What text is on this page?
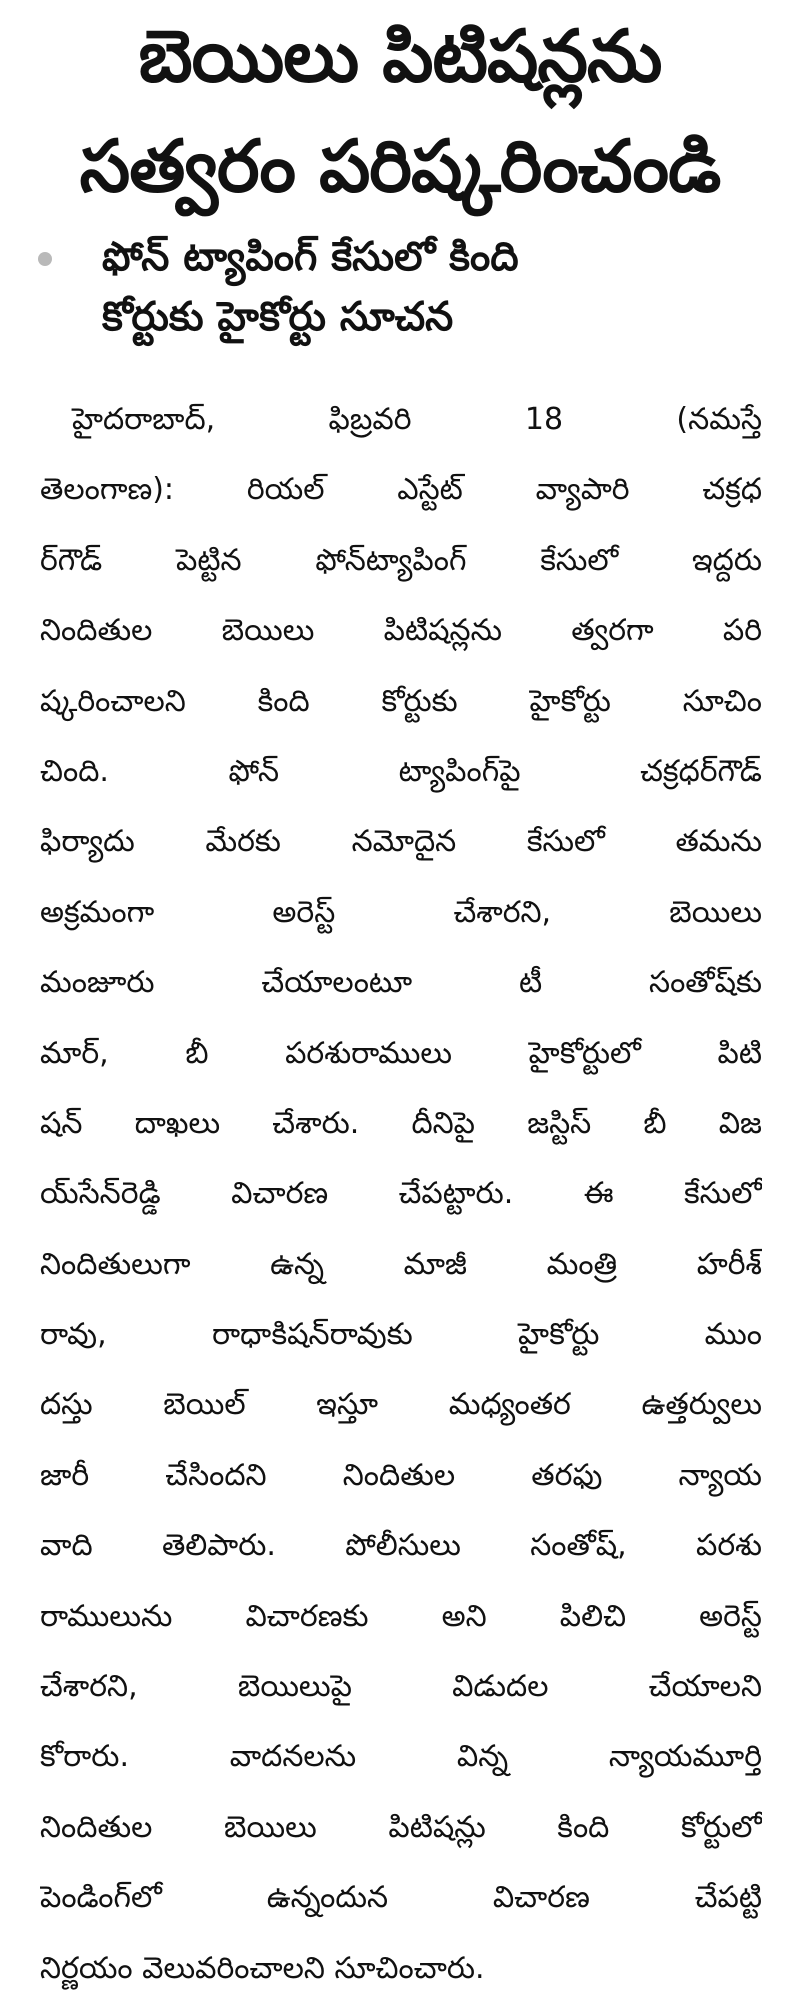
బెయిలు పిటిషన్లను
సత్వరం పరిష్కరించండి
ఫోన్ ట్యాపింగ్ కేసులో కింది
కోర్టుకు హైకోర్టు సూచన
హైదరాబాద్, ఫిబ్రవరి 18 (నమస్తే
తెలంగాణ): రియల్ ఎస్టేట్ వ్యాపారి చక్రధ
ర్‌గౌడ్ పెట్టిన ఫోన్‌ట్యాపింగ్ కేసులో ఇద్దరు
నిందితుల బెయిలు పిటిషన్లను త్వరగా పరి
ష్కరించాలని కింది కోర్టుకు హైకోర్టు సూచిం
చింది. ఫోన్ ట్యాపింగ్‌పై చక్రధర్‌గౌడ్
ఫిర్యాదు మేరకు నమోదైన కేసులో తమను
అక్రమంగా అరెస్ట్ చేశారని, బెయిలు
మంజూరు చేయాలంటూ టీ సంతోష్‌కు
మార్, బీ పరశురాములు హైకోర్టులో పిటి
షన్ దాఖలు చేశారు. దీనిపై జస్టిస్ బీ విజ
య్‌సేన్‌రెడ్డి విచారణ చేపట్టారు. ఈ కేసులో
నిందితులుగా ఉన్న మాజీ మంత్రి హరీశ్
రావు, రాధాకిషన్‌రావుకు హైకోర్టు ముం
దస్తు బెయిల్ ఇస్తూ మధ్యంతర ఉత్తర్వులు
జారీ చేసిందని నిందితుల తరఫు న్యాయ
వాది తెలిపారు. పోలీసులు సంతోష్, పరశు
రాములును విచారణకు అని పిలిచి అరెస్ట్
చేశారని, బెయిలుపై విడుదల చేయాలని
కోరారు. వాదనలను విన్న న్యాయమూర్తి
నిందితుల బెయిలు పిటిషన్లు కింది కోర్టులో
పెండింగ్‌లో ఉన్నందున విచారణ చేపట్టి
నిర్ణయం వెలువరించాలని సూచించారు.
